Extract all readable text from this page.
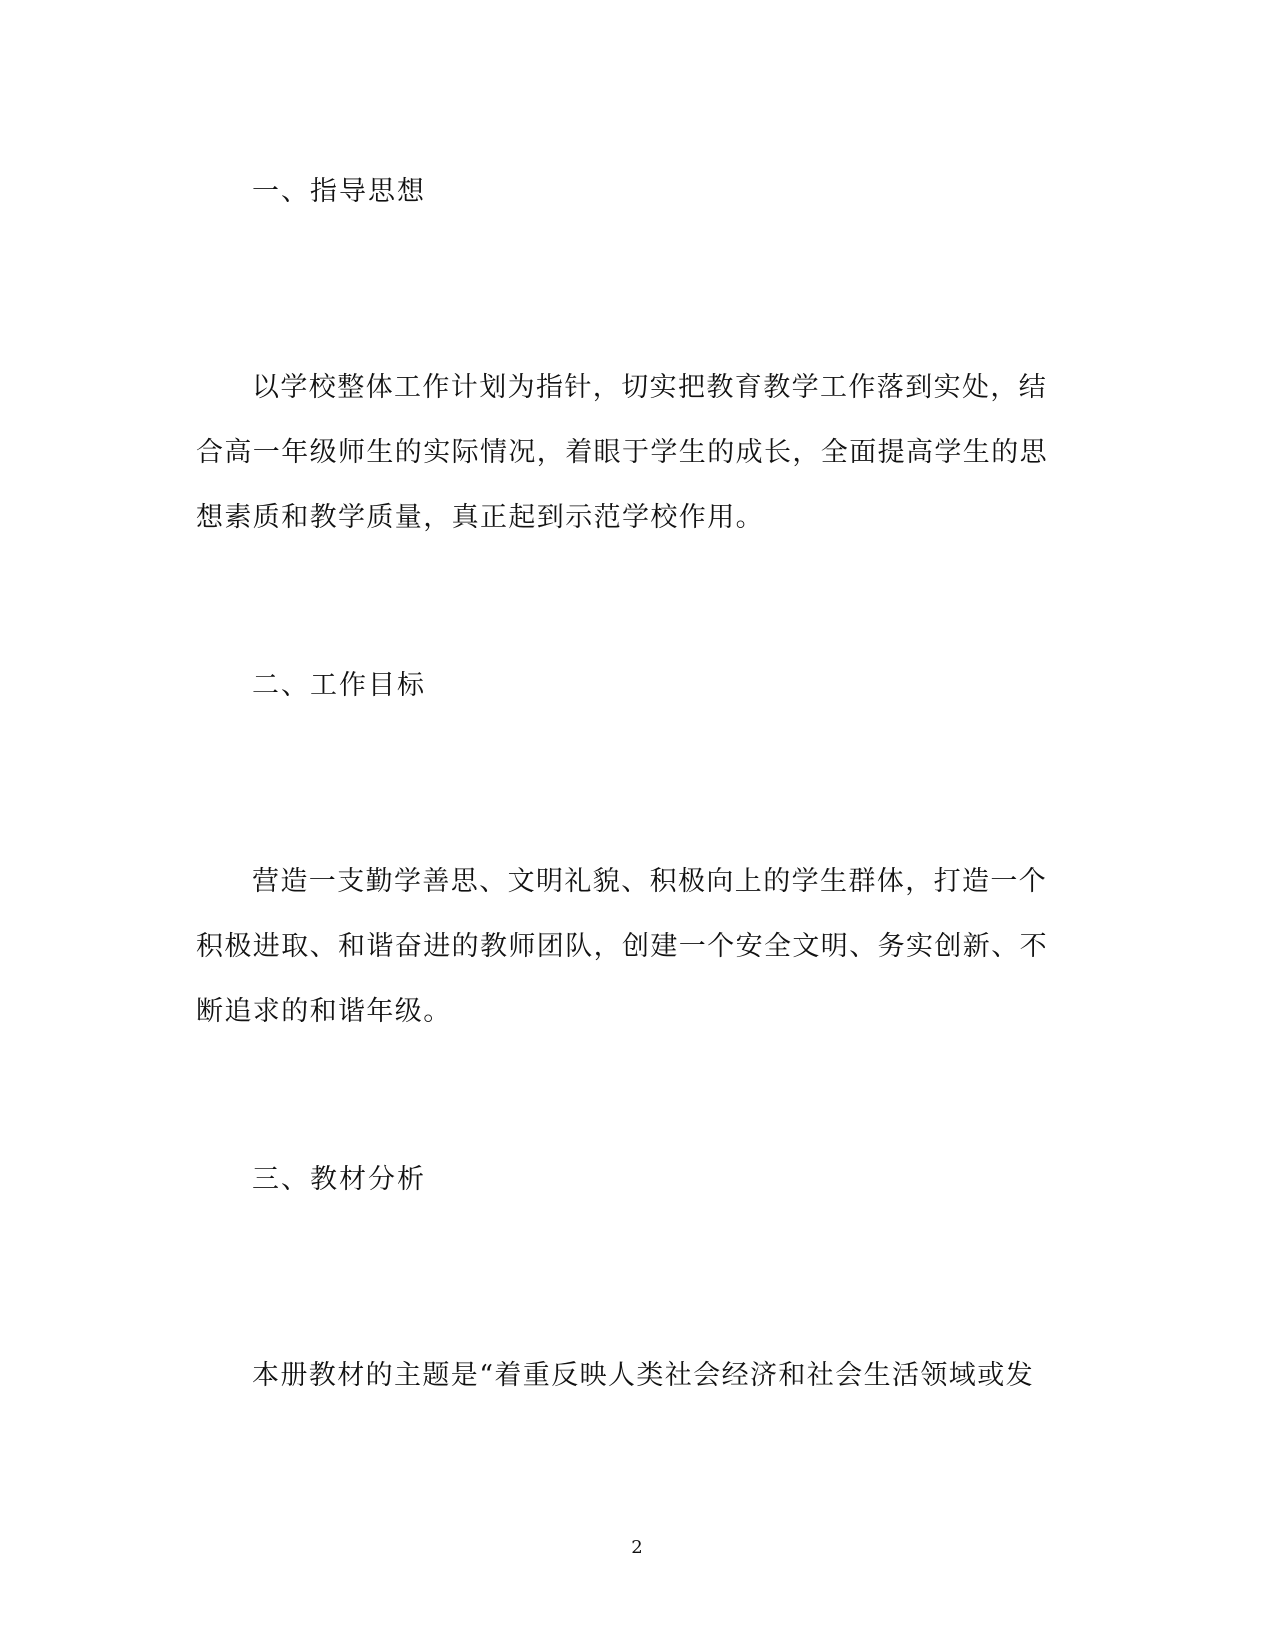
一、指导思想
以学校整体工作计划为指针，切实把教育教学工作落到实处，结
合高一年级师生的实际情况，着眼于学生的成长，全面提高学生的思
想素质和教学质量，真正起到示范学校作用。
二、工作目标
营造一支勤学善思、文明礼貌、积极向上的学生群体，打造一个
积极进取、和谐奋进的教师团队，创建一个安全文明、务实创新、不
断追求的和谐年级。
三、教材分析
本册教材的主题是“着重反映人类社会经济和社会生活领域或发
2
